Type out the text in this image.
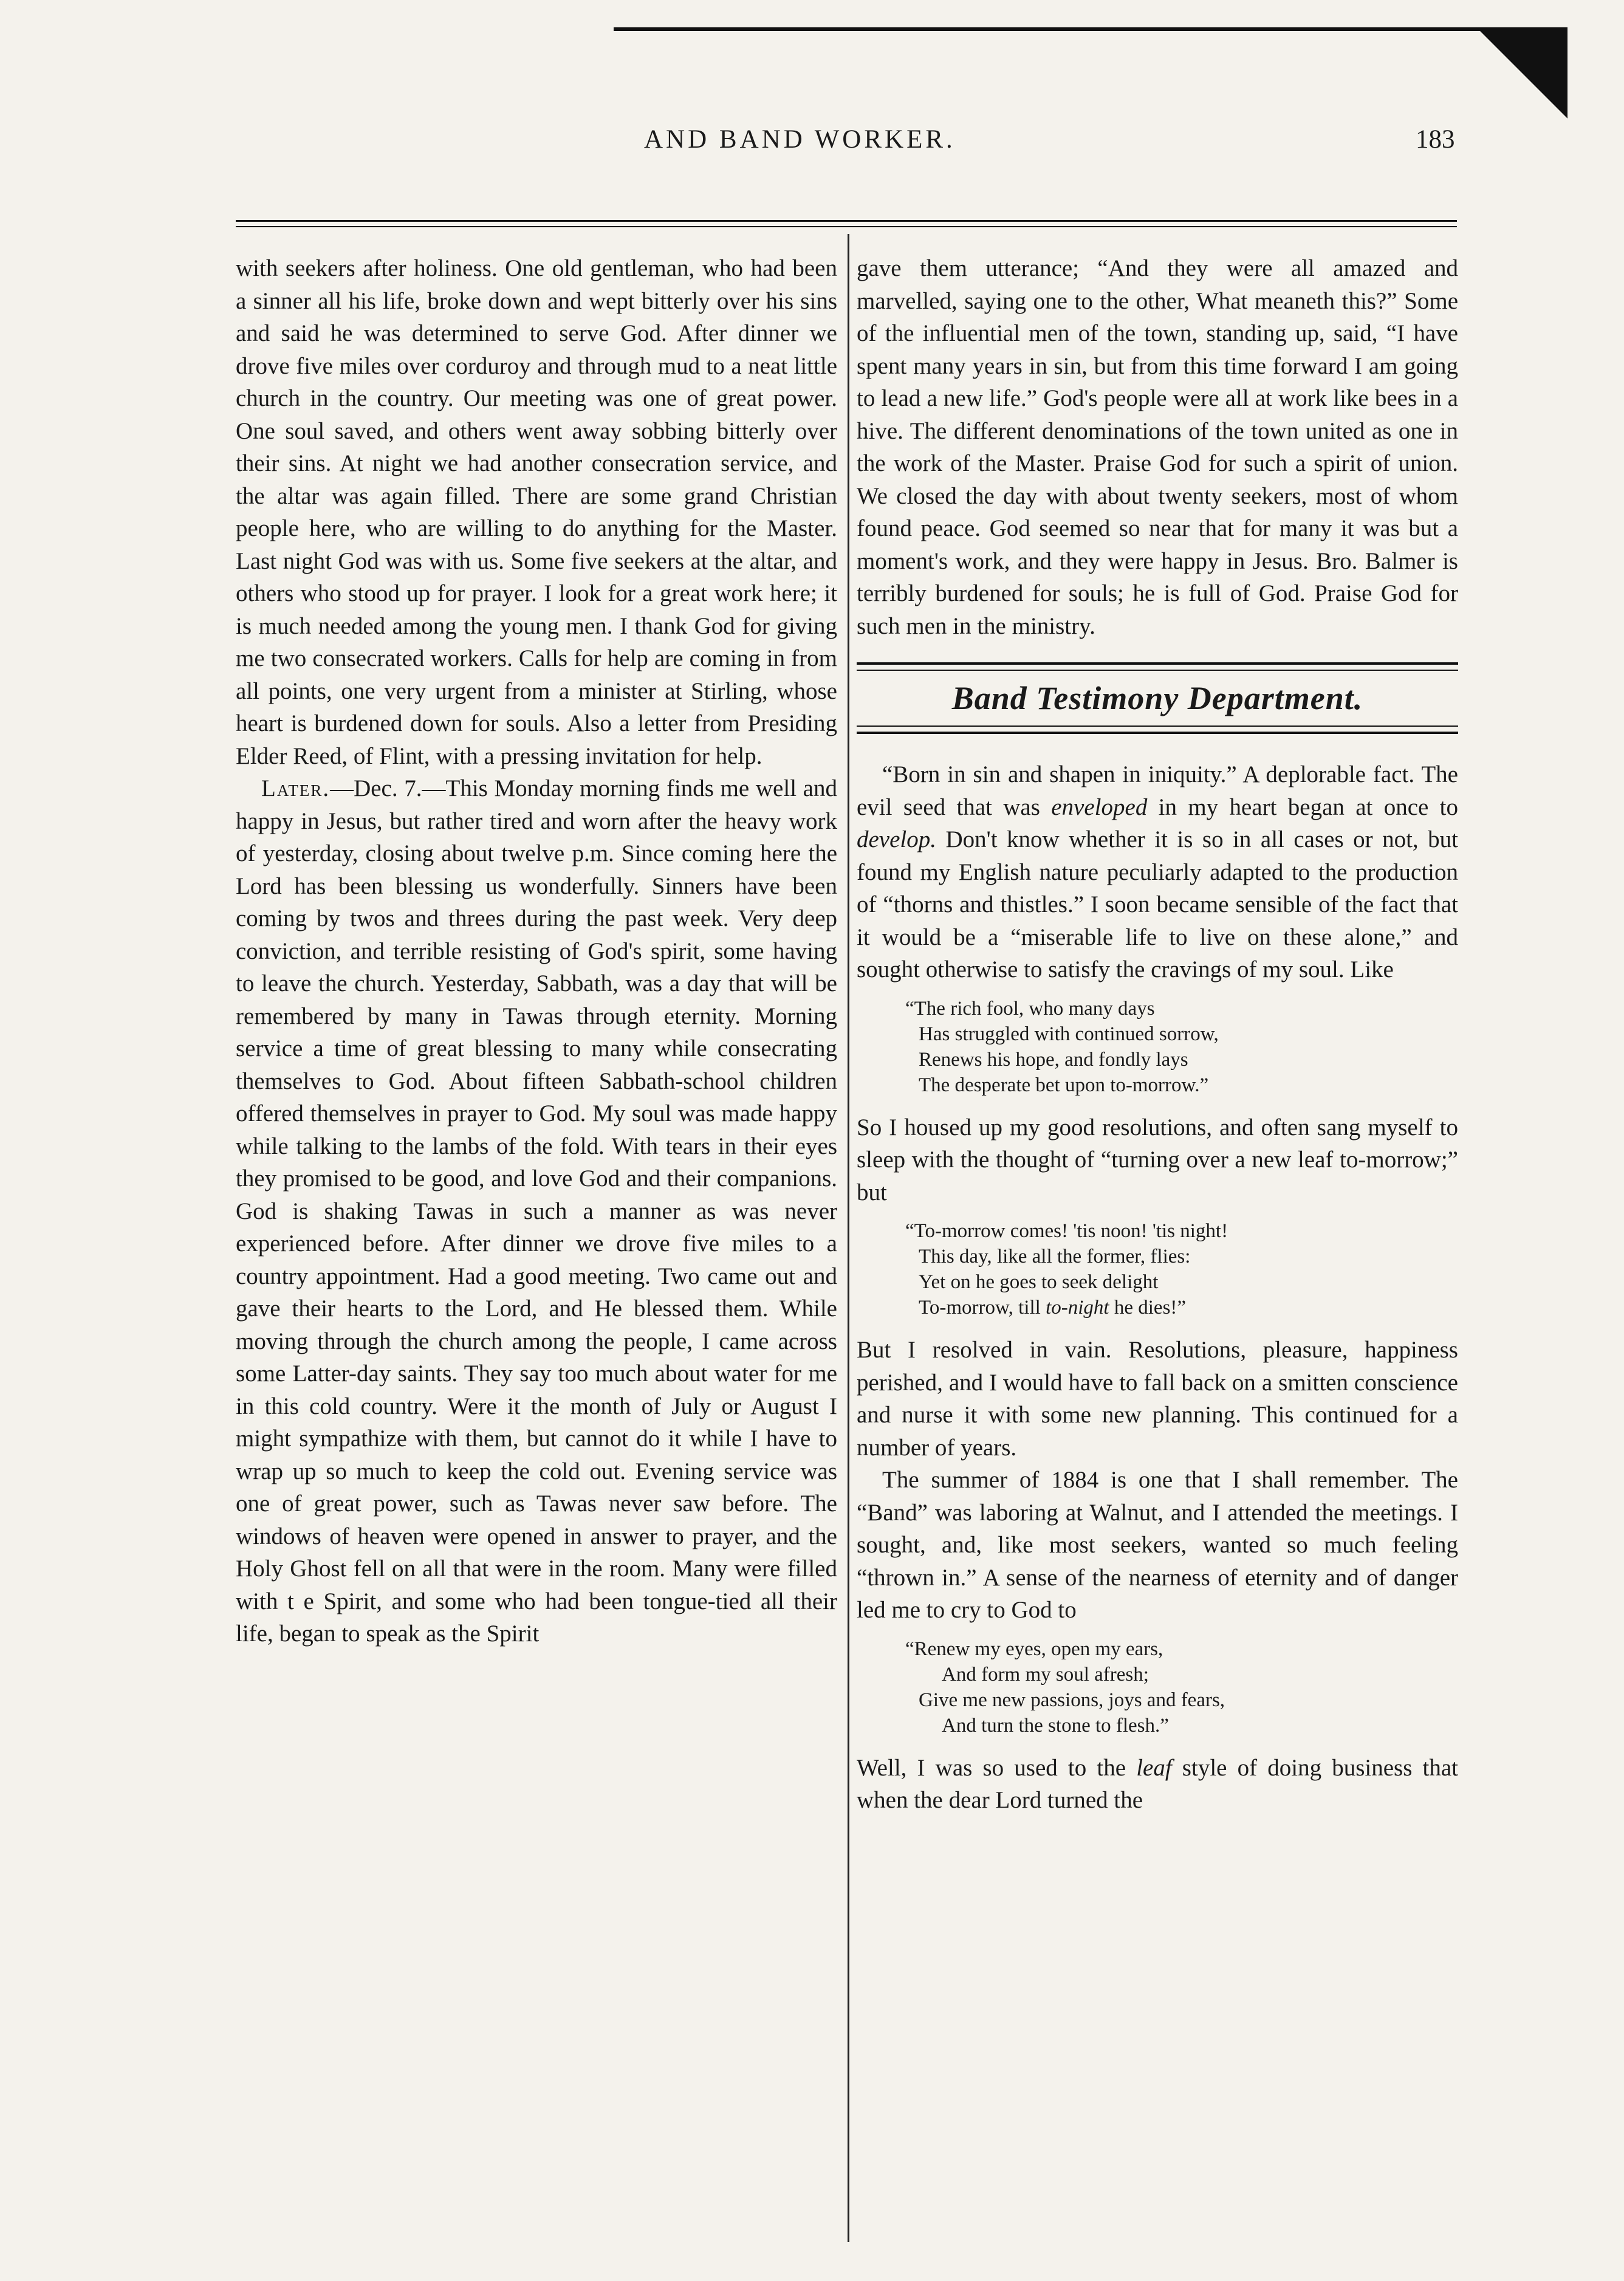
AND BAND WORKER.	183

with seekers after holiness. One old gentleman, who had been a sinner all his life, broke down and wept bitterly over his sins and said he was determined to serve God. After dinner we drove five miles over corduroy and through mud to a neat little church in the country. Our meeting was one of great power. One soul saved, and others went away sobbing bitterly over their sins. At night we had another consecration service, and the altar was again filled. There are some grand Christian people here, who are willing to do anything for the Master. Last night God was with us. Some five seekers at the altar, and others who stood up for prayer. I look for a great work here; it is much needed among the young men. I thank God for giving me two consecrated workers. Calls for help are coming in from all points, one very urgent from a minister at Stirling, whose heart is burdened down for souls. Also a letter from Presiding Elder Reed, of Flint, with a pressing invitation for help.

Later.—Dec. 7.—This Monday morning finds me well and happy in Jesus, but rather tired and worn after the heavy work of yesterday, closing about twelve p.m. Since coming here the Lord has been blessing us wonderfully. Sinners have been coming by twos and threes during the past week. Very deep conviction, and terrible resisting of God's spirit, some having to leave the church. Yesterday, Sabbath, was a day that will be remembered by many in Tawas through eternity. Morning service a time of great blessing to many while consecrating themselves to God. About fifteen Sabbath-school children offered themselves in prayer to God. My soul was made happy while talking to the lambs of the fold. With tears in their eyes they promised to be good, and love God and their companions. God is shaking Tawas in such a manner as was never experienced before. After dinner we drove five miles to a country appointment. Had a good meeting. Two came out and gave their hearts to the Lord, and He blessed them. While moving through the church among the people, I came across some Latter-day saints. They say too much about water for me in this cold country. Were it the month of July or August I might sympathize with them, but cannot do it while I have to wrap up so much to keep the cold out. Evening service was one of great power, such as Tawas never saw before. The windows of heaven were opened in answer to prayer, and the Holy Ghost fell on all that were in the room. Many were filled with t e Spirit, and some who had been tongue-tied all their life, began to speak as the Spirit

gave them utterance; “And they were all amazed and marvelled, saying one to the other, What meaneth this?” Some of the influential men of the town, standing up, said, “I have spent many years in sin, but from this time forward I am going to lead a new life.” God's people were all at work like bees in a hive. The different denominations of the town united as one in the work of the Master. Praise God for such a spirit of union. We closed the day with about twenty seekers, most of whom found peace. God seemed so near that for many it was but a moment's work, and they were happy in Jesus. Bro. Balmer is terribly burdened for souls; he is full of God. Praise God for such men in the ministry.

Band Testimony Department.

“Born in sin and shapen in iniquity.” A deplorable fact. The evil seed that was enveloped in my heart began at once to develop. Don't know whether it is so in all cases or not, but found my English nature peculiarly adapted to the production of “thorns and thistles.” I soon became sensible of the fact that it would be a “miserable life to live on these alone,” and sought otherwise to satisfy the cravings of my soul. Like

“The rich fool, who many days
Has struggled with continued sorrow,
Renews his hope, and fondly lays
The desperate bet upon to-morrow.”

So I housed up my good resolutions, and often sang myself to sleep with the thought of “turning over a new leaf to-morrow;” but

“To-morrow comes! 'tis noon! 'tis night!
This day, like all the former, flies:
Yet on he goes to seek delight
To-morrow, till to-night he dies!”

But I resolved in vain. Resolutions, pleasure, happiness perished, and I would have to fall back on a smitten conscience and nurse it with some new planning. This continued for a number of years.

The summer of 1884 is one that I shall remember. The “Band” was laboring at Walnut, and I attended the meetings. I sought, and, like most seekers, wanted so much feeling “thrown in.” A sense of the nearness of eternity and of danger led me to cry to God to

“Renew my eyes, open my ears,
And form my soul afresh;
Give me new passions, joys and fears,
And turn the stone to flesh.”

Well, I was so used to the leaf style of doing business that when the dear Lord turned the
